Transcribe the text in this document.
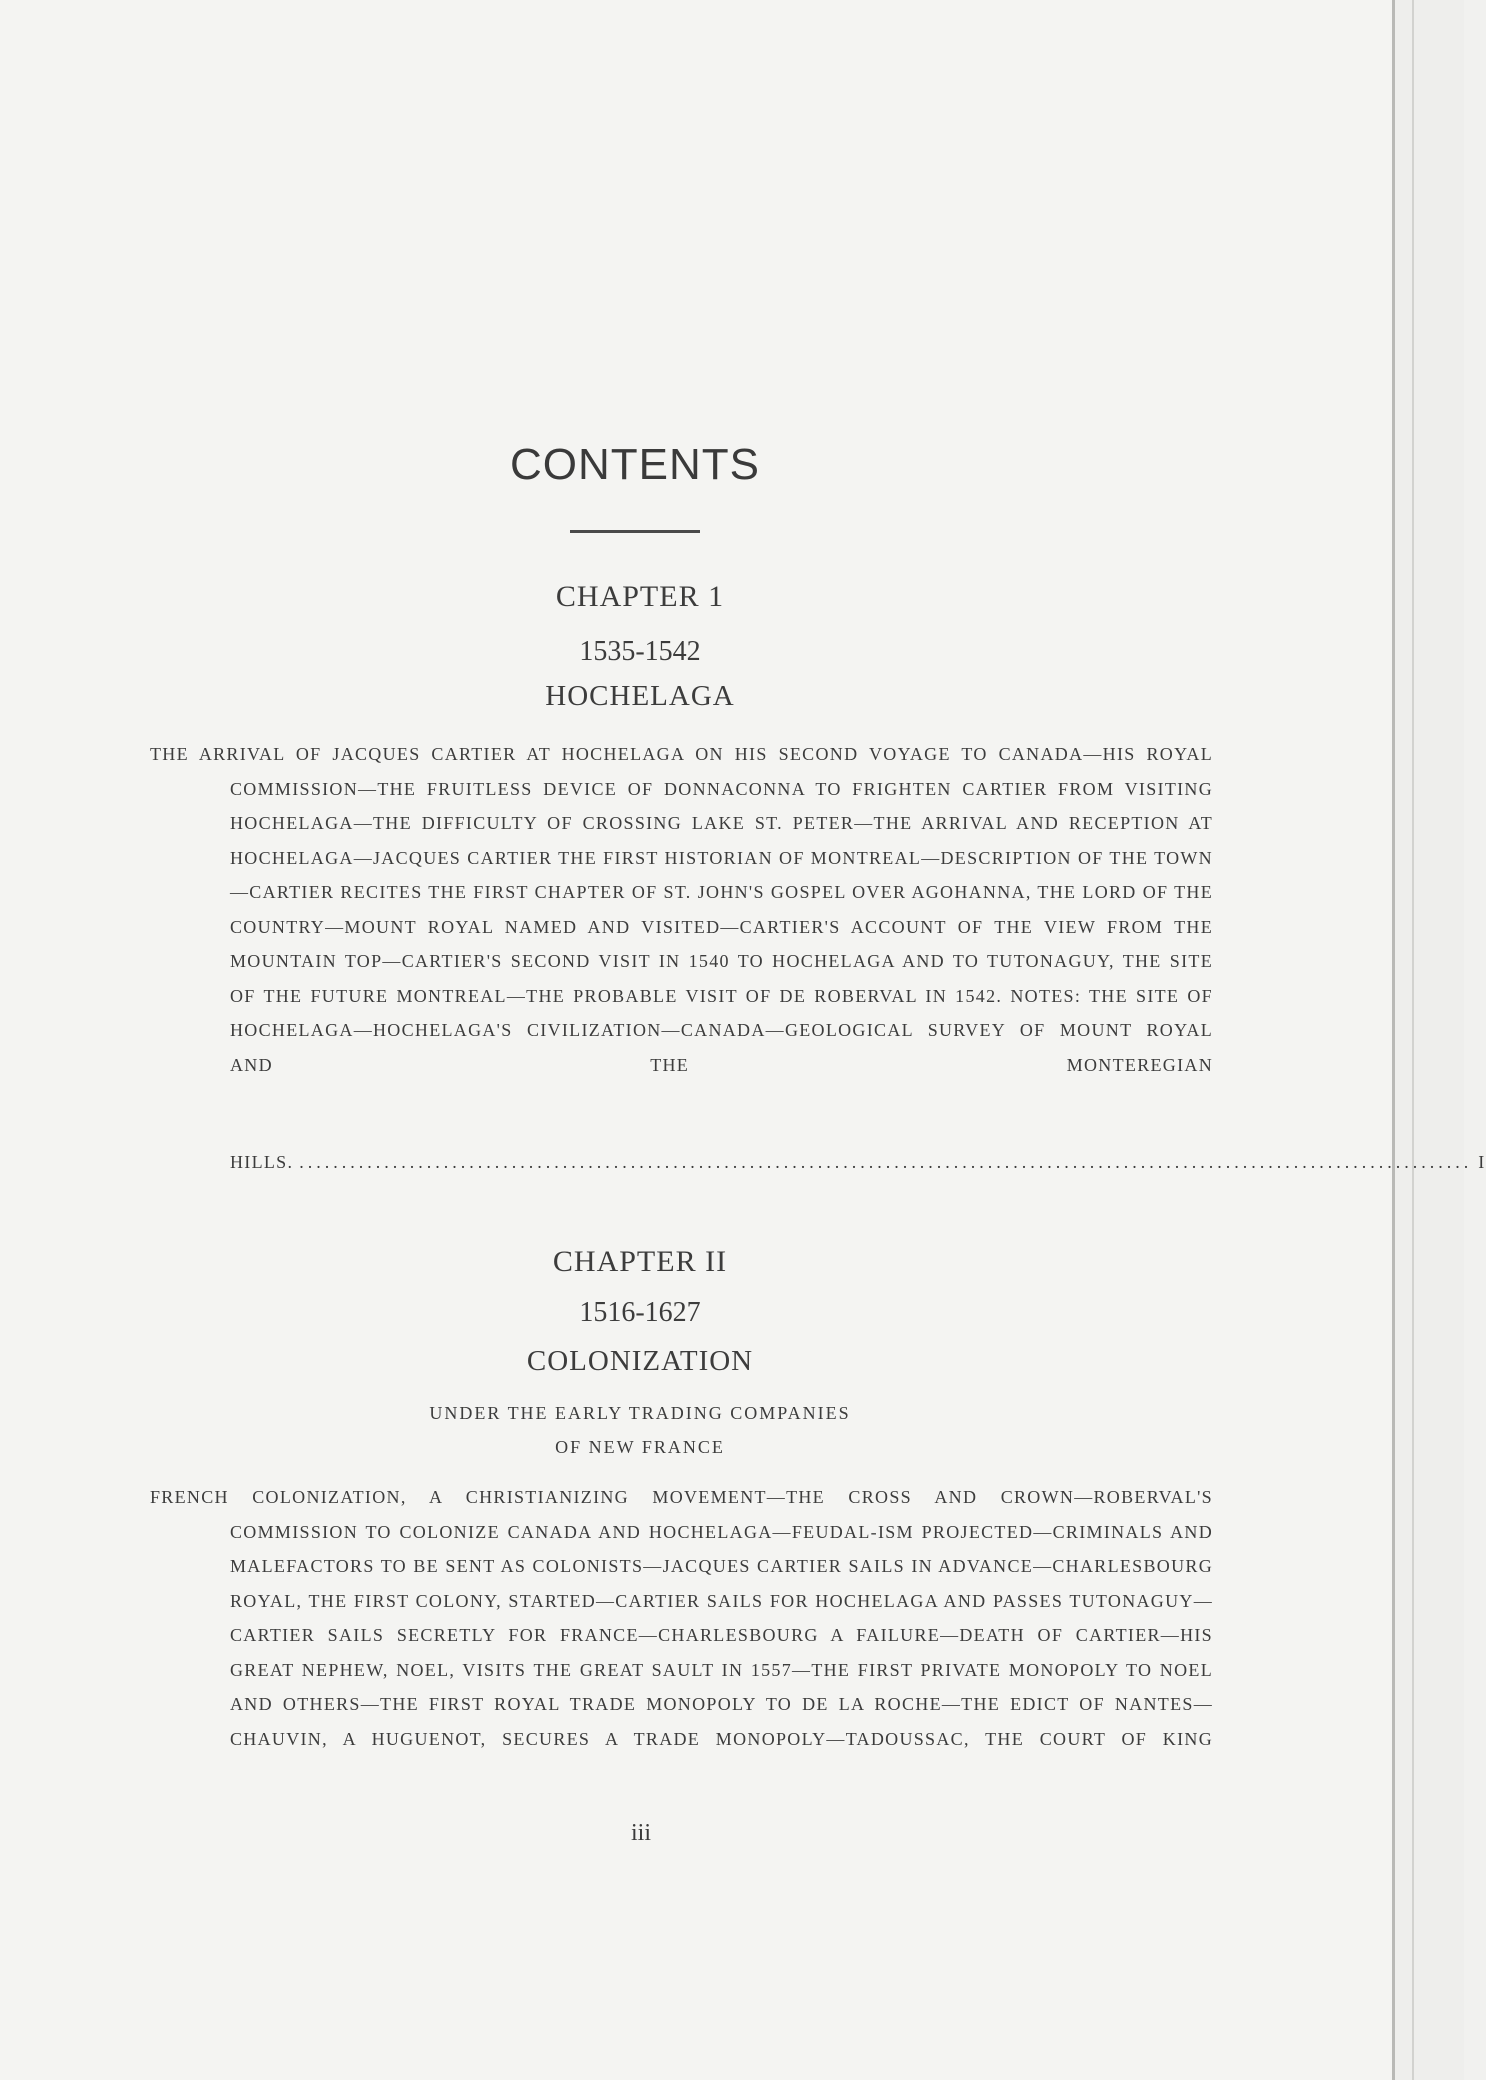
CONTENTS
CHAPTER 1
1535-1542
HOCHELAGA

THE ARRIVAL OF JACQUES CARTIER AT HOCHELAGA ON HIS SECOND VOYAGE TO CANADA—HIS ROYAL COMMISSION—THE FRUITLESS DEVICE OF DONNACONNA TO FRIGHTEN CARTIER FROM VISITING HOCHELAGA—THE DIFFICULTY OF CROSSING LAKE ST. PETER—THE ARRIVAL AND RECEPTION AT HOCHELAGA—JACQUES CARTIER THE FIRST HISTORIAN OF MONTREAL—DESCRIPTION OF THE TOWN—CARTIER RECITES THE FIRST CHAPTER OF ST. JOHN'S GOSPEL OVER AGOHANNA, THE LORD OF THE COUNTRY—MOUNT ROYAL NAMED AND VISITED—CARTIER'S ACCOUNT OF THE VIEW FROM THE MOUNTAIN TOP—CARTIER'S SECOND VISIT IN 1540 TO HOCHELAGA AND TO TUTONAGUY, THE SITE OF THE FUTURE MONTREAL—THE PROBABLE VISIT OF DE ROBERVAL IN 1542. NOTES: THE SITE OF HOCHELAGA—HOCHELAGA'S CIVILIZATION—CANADA—GEOLOGICAL SURVEY OF MOUNT ROYAL AND THE MONTEREGIAN

HILLS. .......................................................................................................................................... I
CHAPTER II
1516-1627
COLONIZATION
UNDER THE EARLY TRADING COMPANIES
OF NEW FRANCE

FRENCH COLONIZATION, A CHRISTIANIZING MOVEMENT—THE CROSS AND CROWN—ROBERVAL'S COMMISSION TO COLONIZE CANADA AND HOCHELAGA—FEUDAL-ISM PROJECTED—CRIMINALS AND MALEFACTORS TO BE SENT AS COLONISTS—JACQUES CARTIER SAILS IN ADVANCE—CHARLESBOURG ROYAL, THE FIRST COLONY, STARTED—CARTIER SAILS FOR HOCHELAGA AND PASSES TUTONAGUY—CARTIER SAILS SECRETLY FOR FRANCE—CHARLESBOURG A FAILURE—DEATH OF CARTIER—HIS GREAT NEPHEW, NOEL, VISITS THE GREAT SAULT IN 1557—THE FIRST PRIVATE MONOPOLY TO NOEL AND OTHERS—THE FIRST ROYAL TRADE MONOPOLY TO DE LA ROCHE—THE EDICT OF NANTES—CHAUVIN, A HUGUENOT, SECURES A TRADE MONOPOLY—TADOUSSAC, THE COURT OF KING

iii
